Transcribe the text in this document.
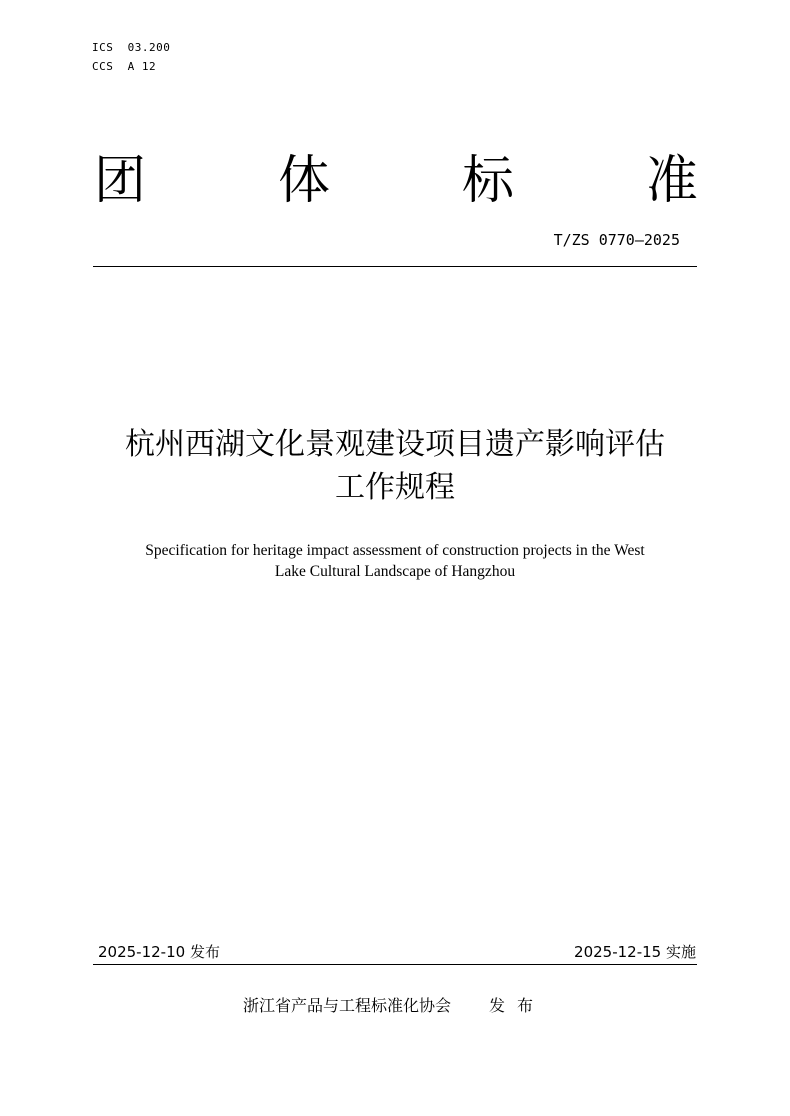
ICS  03.200
CCS  A 12
团	体	标	准
T/ZS 0770—2025
杭州西湖文化景观建设项目遗产影响评估
工作规程
Specification for heritage impact assessment of construction projects in the West
Lake Cultural Landscape of Hangzhou
2025-12-10 发布	2025-12-15 实施
浙江省产品与工程标准化协会 发布
